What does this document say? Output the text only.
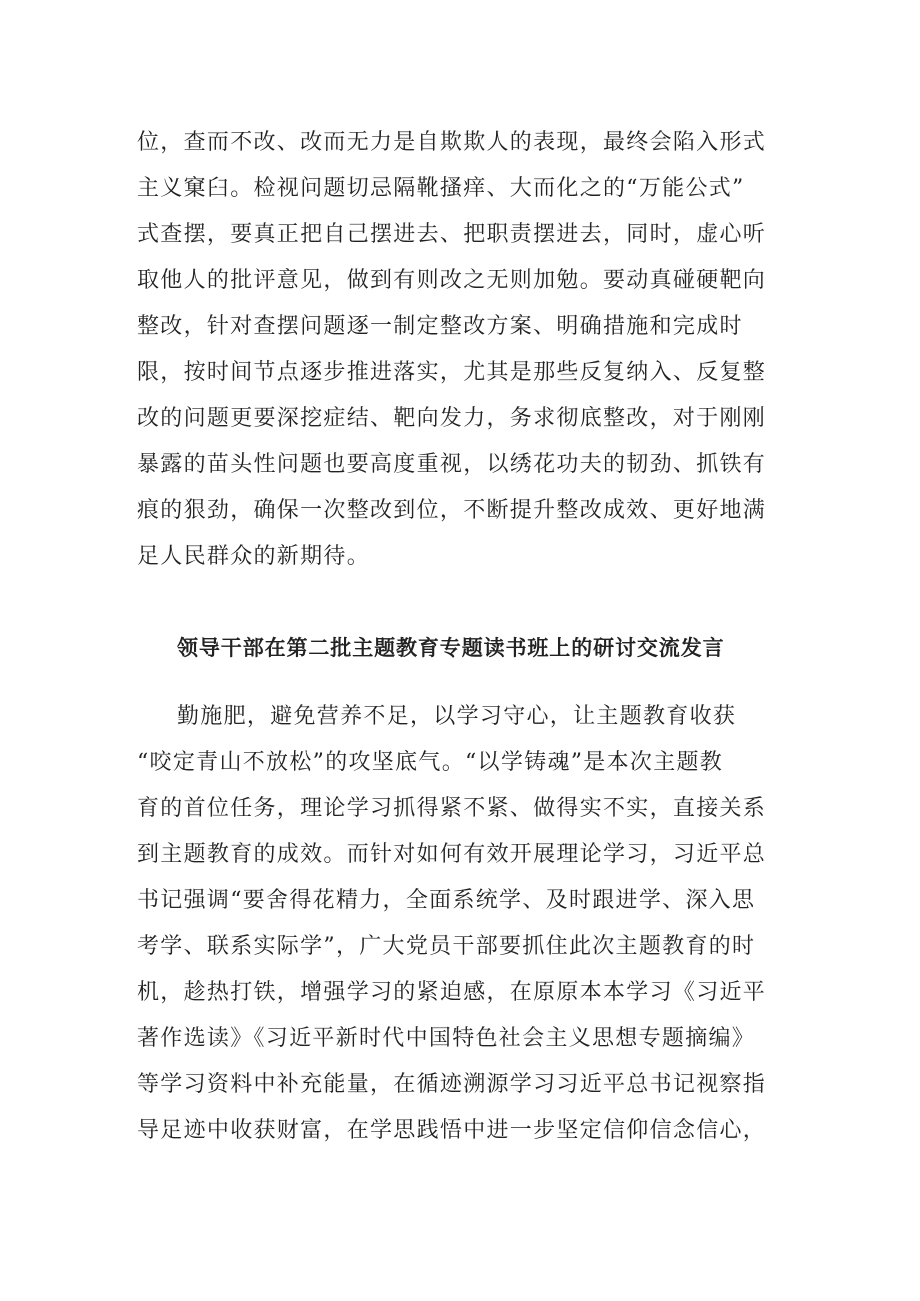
位，查而不改、改而无力是自欺欺人的表现，最终会陷入形式

主义窠臼。检视问题切忌隔靴搔痒、大而化之的“万能公式”

式查摆，要真正把自己摆进去、把职责摆进去，同时，虚心听

取他人的批评意见，做到有则改之无则加勉。要动真碰硬靶向

整改，针对查摆问题逐一制定整改方案、明确措施和完成时

限，按时间节点逐步推进落实，尤其是那些反复纳入、反复整

改的问题更要深挖症结、靶向发力，务求彻底整改，对于刚刚

暴露的苗头性问题也要高度重视，以绣花功夫的韧劲、抓铁有

痕的狠劲，确保一次整改到位，不断提升整改成效、更好地满

足人民群众的新期待。

领导干部在第二批主题教育专题读书班上的研讨交流发言

勤施肥，避免营养不足，以学习守心，让主题教育收获

“咬定青山不放松”的攻坚底气。“以学铸魂”是本次主题教

育的首位任务，理论学习抓得紧不紧、做得实不实，直接关系

到主题教育的成效。而针对如何有效开展理论学习，习近平总

书记强调“要舍得花精力，全面系统学、及时跟进学、深入思

考学、联系实际学”，广大党员干部要抓住此次主题教育的时

机，趁热打铁，增强学习的紧迫感，在原原本本学习《习近平

著作选读》《习近平新时代中国特色社会主义思想专题摘编》

等学习资料中补充能量，在循迹溯源学习习近平总书记视察指

导足迹中收获财富，在学思践悟中进一步坚定信仰信念信心，
